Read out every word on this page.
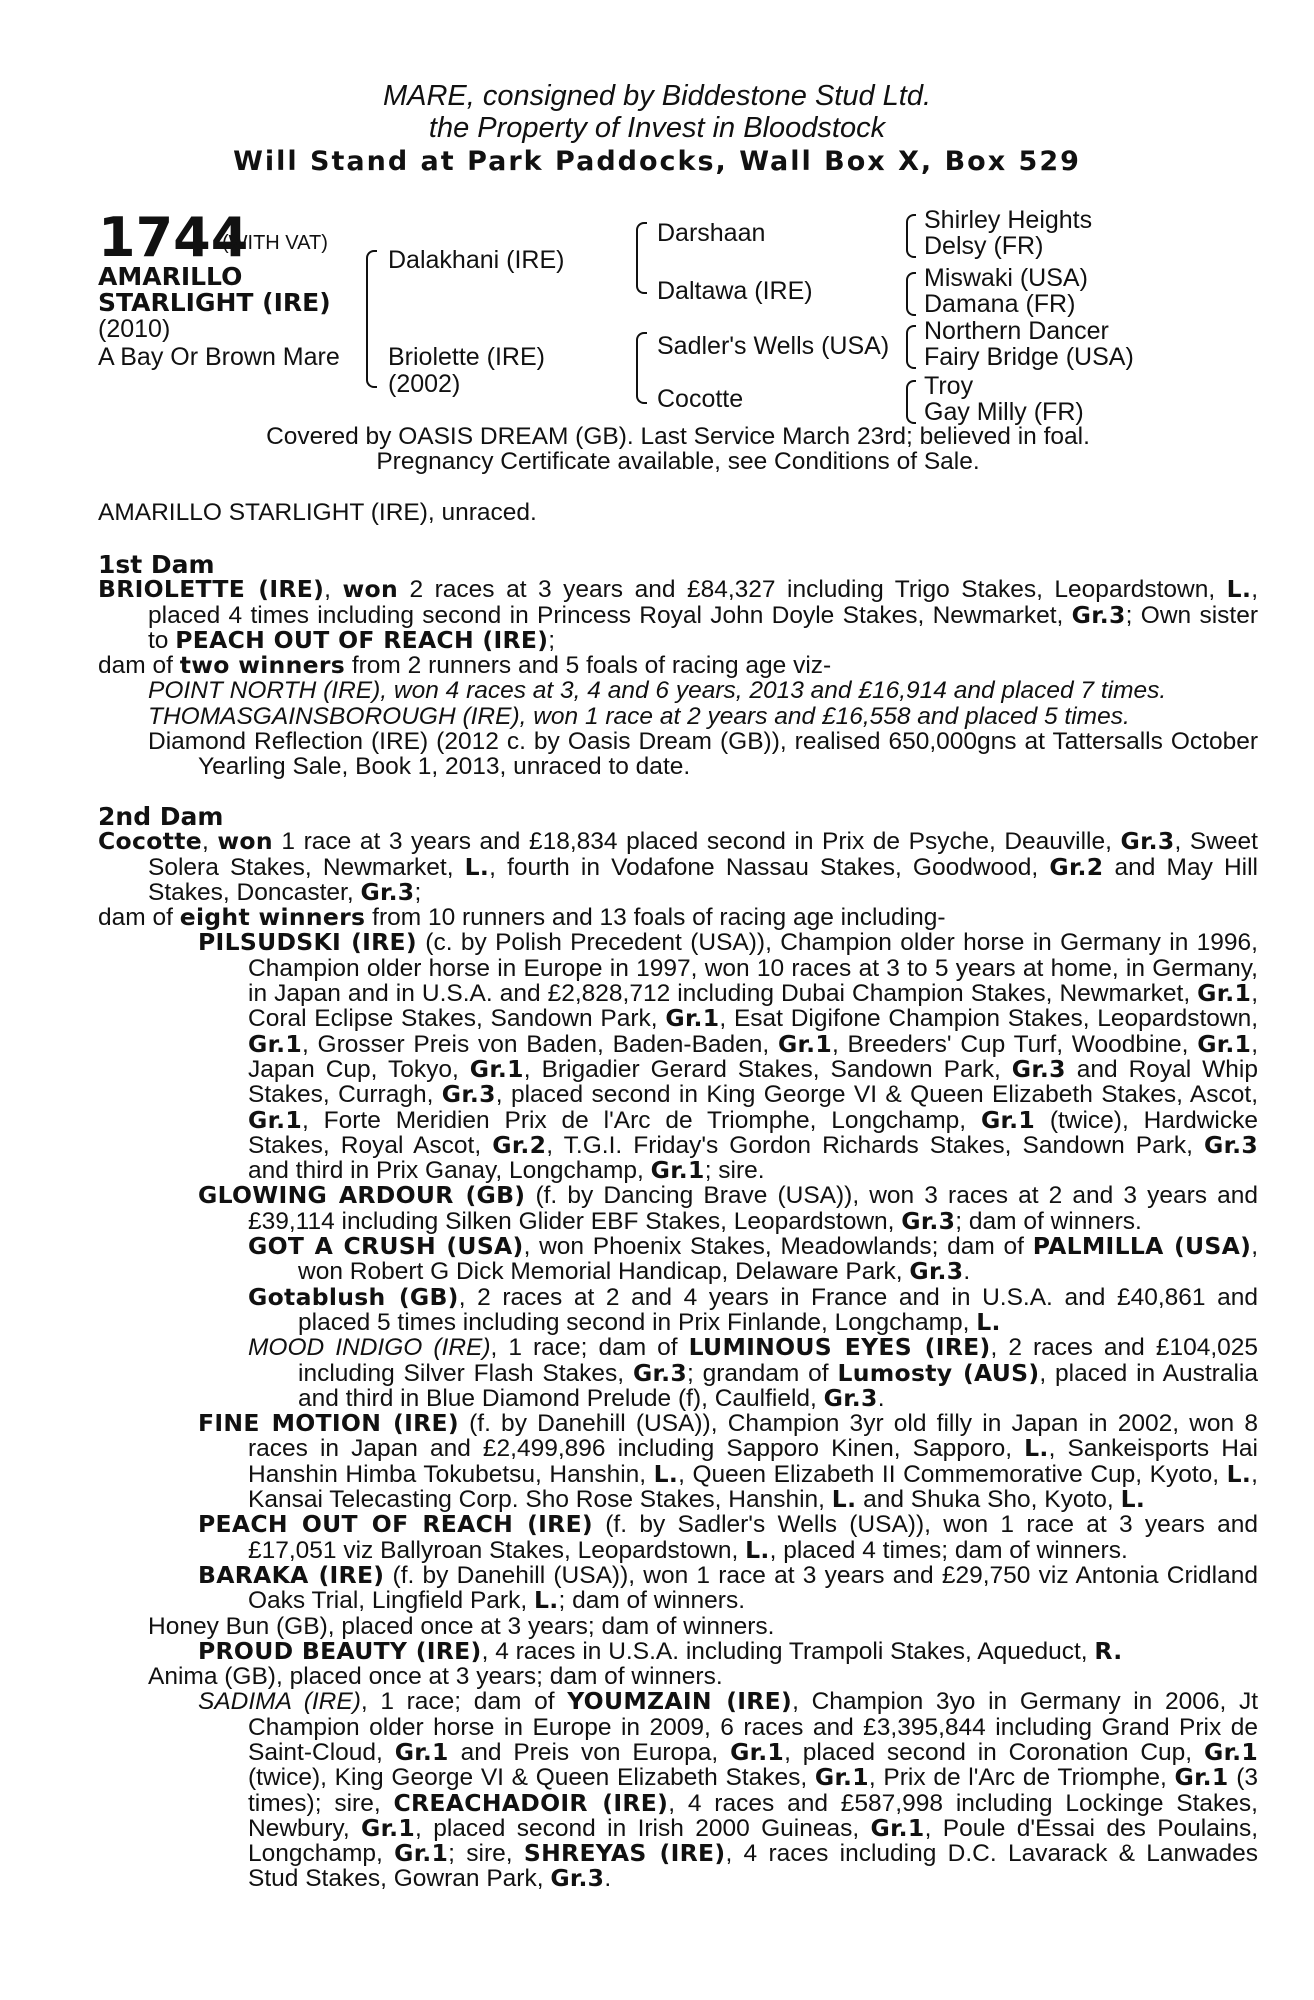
MARE, consigned by Biddestone Stud Ltd.
the Property of Invest in Bloodstock
Will Stand at Park Paddocks, Wall Box X, Box 529
1744
(WITH VAT)
AMARILLO
STARLIGHT (IRE)
(2010)
A Bay Or Brown Mare
Dalakhani (IRE)
Briolette (IRE)
(2002)
Darshaan
Daltawa (IRE)
Sadler's Wells (USA)
Cocotte
Shirley Heights
Delsy (FR)
Miswaki (USA)
Damana (FR)
Northern Dancer
Fairy Bridge (USA)
Troy
Gay Milly (FR)

Covered by OASIS DREAM (GB). Last Service March 23rd; believed in foal.

Pregnancy Certificate available, see Conditions of Sale.

AMARILLO STARLIGHT (IRE), unraced.

1st Dam

BRIOLETTE (IRE), won 2 races at 3 years and £84,327 including Trigo Stakes, Leopardstown, L., placed 4 times including second in Princess Royal John Doyle Stakes, Newmarket, Gr.3; Own sister to PEACH OUT OF REACH (IRE);

dam of two winners from 2 runners and 5 foals of racing age viz-

POINT NORTH (IRE), won 4 races at 3, 4 and 6 years, 2013 and £16,914 and placed 7 times.

THOMASGAINSBOROUGH (IRE), won 1 race at 2 years and £16,558 and placed 5 times.

Diamond Reflection (IRE) (2012 c. by Oasis Dream (GB)), realised 650,000gns at Tattersalls October Yearling Sale, Book 1, 2013, unraced to date.

2nd Dam

Cocotte, won 1 race at 3 years and £18,834 placed second in Prix de Psyche, Deauville, Gr.3, Sweet Solera Stakes, Newmarket, L., fourth in Vodafone Nassau Stakes, Goodwood, Gr.2 and May Hill Stakes, Doncaster, Gr.3;

dam of eight winners from 10 runners and 13 foals of racing age including-

PILSUDSKI (IRE) (c. by Polish Precedent (USA)), Champion older horse in Germany in 1996, Champion older horse in Europe in 1997, won 10 races at 3 to 5 years at home, in Germany, in Japan and in U.S.A. and £2,828,712 including Dubai Champion Stakes, Newmarket, Gr.1, Coral Eclipse Stakes, Sandown Park, Gr.1, Esat Digifone Champion Stakes, Leopardstown, Gr.1, Grosser Preis von Baden, Baden-Baden, Gr.1, Breeders' Cup Turf, Woodbine, Gr.1, Japan Cup, Tokyo, Gr.1, Brigadier Gerard Stakes, Sandown Park, Gr.3 and Royal Whip Stakes, Curragh, Gr.3, placed second in King George VI & Queen Elizabeth Stakes, Ascot, Gr.1, Forte Meridien Prix de l'Arc de Triomphe, Longchamp, Gr.1 (twice), Hardwicke Stakes, Royal Ascot, Gr.2, T.G.I. Friday's Gordon Richards Stakes, Sandown Park, Gr.3 and third in Prix Ganay, Longchamp, Gr.1; sire.

GLOWING ARDOUR (GB) (f. by Dancing Brave (USA)), won 3 races at 2 and 3 years and £39,114 including Silken Glider EBF Stakes, Leopardstown, Gr.3; dam of winners.

GOT A CRUSH (USA), won Phoenix Stakes, Meadowlands; dam of PALMILLA (USA), won Robert G Dick Memorial Handicap, Delaware Park, Gr.3.

Gotablush (GB), 2 races at 2 and 4 years in France and in U.S.A. and £40,861 and placed 5 times including second in Prix Finlande, Longchamp, L.

MOOD INDIGO (IRE), 1 race; dam of LUMINOUS EYES (IRE), 2 races and £104,025 including Silver Flash Stakes, Gr.3; grandam of Lumosty (AUS), placed in Australia and third in Blue Diamond Prelude (f), Caulfield, Gr.3.

FINE MOTION (IRE) (f. by Danehill (USA)), Champion 3yr old filly in Japan in 2002, won 8 races in Japan and £2,499,896 including Sapporo Kinen, Sapporo, L., Sankeisports Hai Hanshin Himba Tokubetsu, Hanshin, L., Queen Elizabeth II Commemorative Cup, Kyoto, L., Kansai Telecasting Corp. Sho Rose Stakes, Hanshin, L. and Shuka Sho, Kyoto, L.

PEACH OUT OF REACH (IRE) (f. by Sadler's Wells (USA)), won 1 race at 3 years and £17,051 viz Ballyroan Stakes, Leopardstown, L., placed 4 times; dam of winners.

BARAKA (IRE) (f. by Danehill (USA)), won 1 race at 3 years and £29,750 viz Antonia Cridland Oaks Trial, Lingfield Park, L.; dam of winners.

Honey Bun (GB), placed once at 3 years; dam of winners.

PROUD BEAUTY (IRE), 4 races in U.S.A. including Trampoli Stakes, Aqueduct, R.

Anima (GB), placed once at 3 years; dam of winners.

SADIMA (IRE), 1 race; dam of YOUMZAIN (IRE), Champion 3yo in Germany in 2006, Jt Champion older horse in Europe in 2009, 6 races and £3,395,844 including Grand Prix de Saint-Cloud, Gr.1 and Preis von Europa, Gr.1, placed second in Coronation Cup, Gr.1 (twice), King George VI & Queen Elizabeth Stakes, Gr.1, Prix de l'Arc de Triomphe, Gr.1 (3 times); sire, CREACHADOIR (IRE), 4 races and £587,998 including Lockinge Stakes, Newbury, Gr.1, placed second in Irish 2000 Guineas, Gr.1, Poule d'Essai des Poulains, Longchamp, Gr.1; sire, SHREYAS (IRE), 4 races including D.C. Lavarack & Lanwades Stud Stakes, Gowran Park, Gr.3.
